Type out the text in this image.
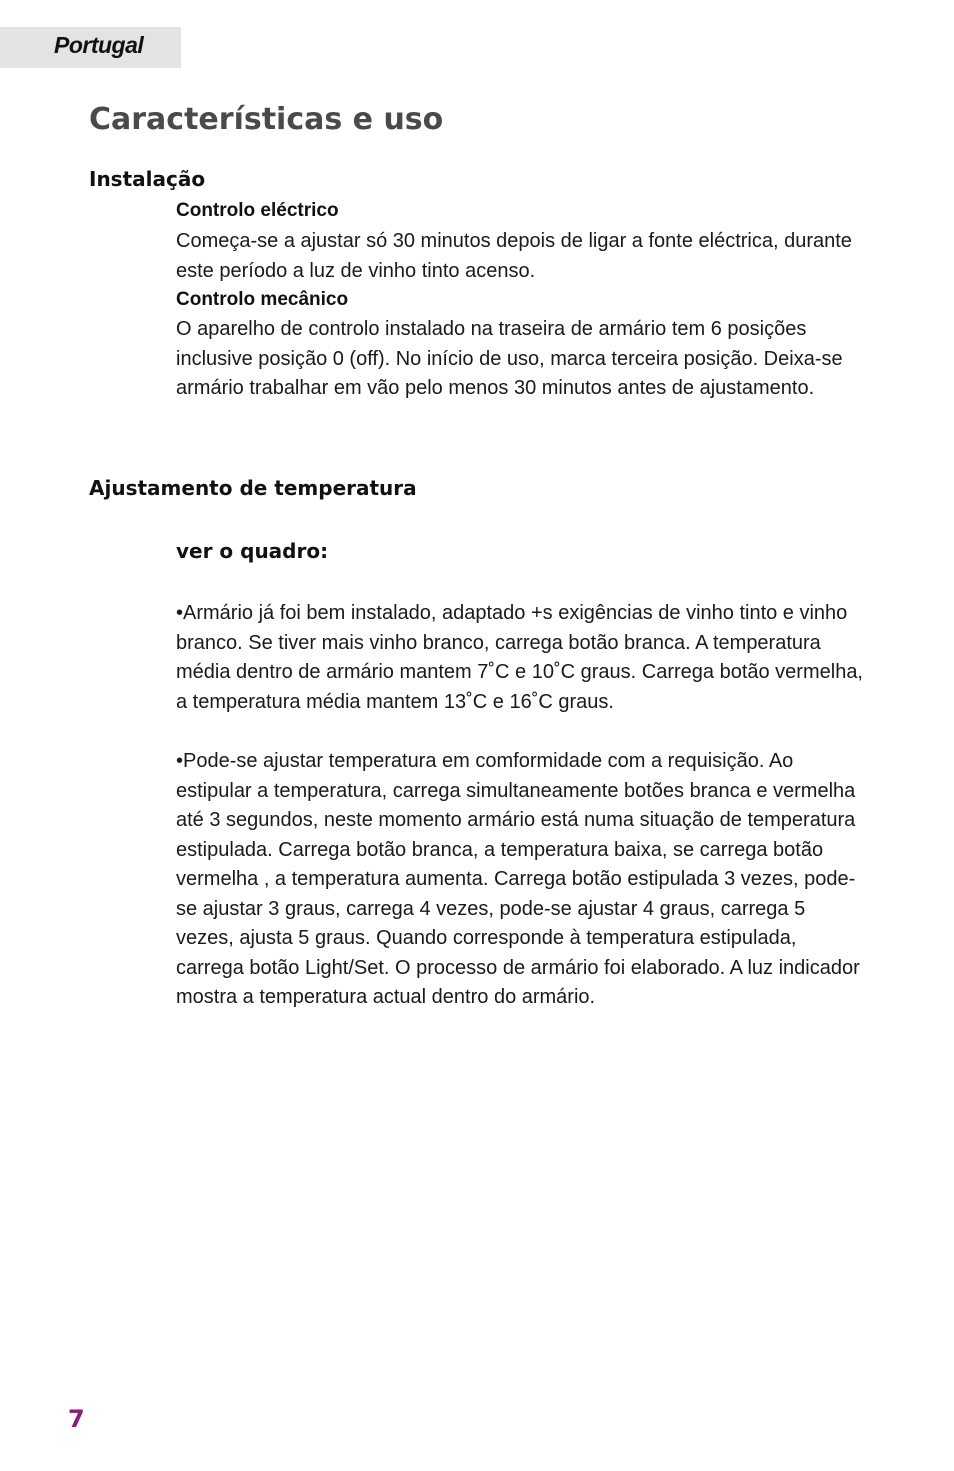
Portugal
Características e uso
Instalação
Controlo eléctrico

Começa-se a ajustar só 30 minutos depois de ligar a fonte eléctrica, durante este período a luz de vinho tinto acenso.

Controlo mecânico

O aparelho de controlo instalado na traseira de armário tem 6 posições inclusive posição 0 (off). No início de uso, marca terceira posição. Deixa-se armário trabalhar em vão pelo menos 30 minutos antes de ajustamento.

Ajustamento de temperatura
ver o quadro:

•Armário já foi bem instalado, adaptado +s exigências de vinho tinto e vinho branco. Se tiver mais vinho branco, carrega botão branca. A temperatura média dentro de armário mantem 7˚C e 10˚C graus. Carrega botão vermelha, a temperatura média mantem 13˚C e 16˚C graus.

•Pode-se ajustar temperatura em comformidade com a requisição. Ao estipular a temperatura, carrega simultaneamente botões branca e vermelha até 3 segundos, neste momento armário está numa situação de temperatura estipulada. Carrega botão branca, a temperatura baixa, se carrega botão vermelha , a temperatura aumenta. Carrega botão estipulada 3 vezes, pode-se ajustar 3 graus, carrega 4 vezes, pode-se ajustar 4 graus, carrega 5 vezes, ajusta 5 graus. Quando corresponde à temperatura estipulada, carrega botão Light/Set. O processo de armário foi elaborado. A luz indicador mostra a temperatura actual dentro do armário.

7
